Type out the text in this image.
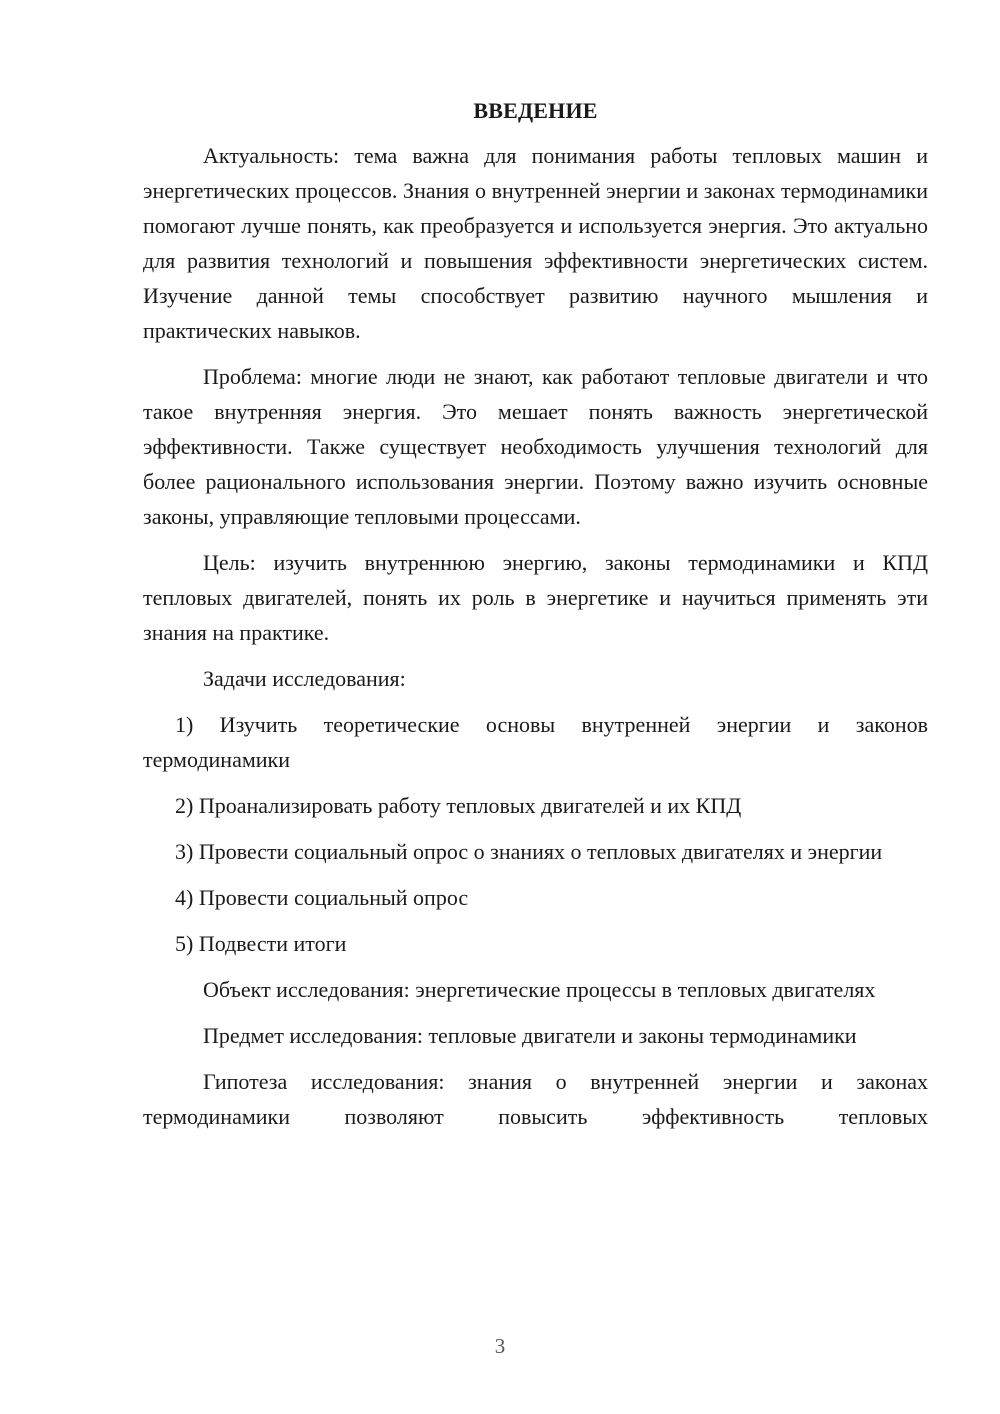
ВВЕДЕНИЕ

Актуальность: тема важна для понимания работы тепловых машин и энергетических процессов. Знания о внутренней энергии и законах термодинамики помогают лучше понять, как преобразуется и используется энергия. Это актуально для развития технологий и повышения эффективности энергетических систем. Изучение данной темы способствует развитию научного мышления и практических навыков.

Проблема: многие люди не знают, как работают тепловые двигатели и что такое внутренняя энергия. Это мешает понять важность энергетической эффективности. Также существует необходимость улучшения технологий для более рационального использования энергии. Поэтому важно изучить основные законы, управляющие тепловыми процессами.

Цель: изучить внутреннюю энергию, законы термодинамики и КПД тепловых двигателей, понять их роль в энергетике и научиться применять эти знания на практике.

Задачи исследования:

1) Изучить теоретические основы внутренней энергии и законов термодинамики

2) Проанализировать работу тепловых двигателей и их КПД

3) Провести социальный опрос о знаниях о тепловых двигателях и энергии

4) Провести социальный опрос

5) Подвести итоги

Объект исследования: энергетические процессы в тепловых двигателях

Предмет исследования: тепловые двигатели и законы термодинамики

Гипотеза исследования: знания о внутренней энергии и законах термодинамики позволяют повысить эффективность тепловых

3
